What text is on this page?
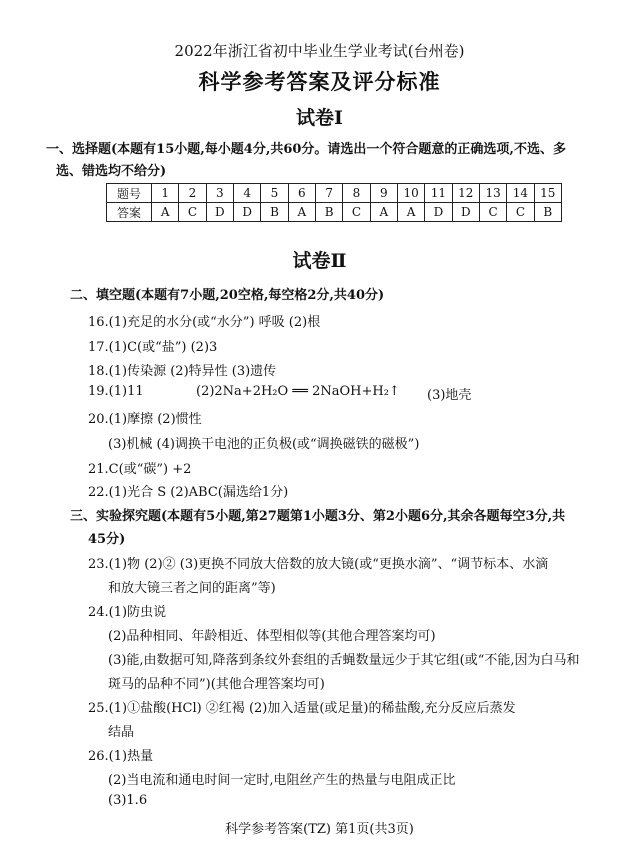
2022年浙江省初中毕业生学业考试(台州卷)
科学参考答案及评分标准
试卷Ⅰ
一、选择题(本题有15小题,每小题4分,共60分。请选出一个符合题意的正确选项,不选、多
选、错选均不给分)
题号	1	2	3	4	5	6	7	8	9	10	11	12	13	14	15
答案	A	C	D	D	B	A	B	C	A	A	D	D	C	C	B
试卷Ⅱ
二、填空题(本题有7小题,20空格,每空格2分,共40分)
16.(1)充足的水分(或“水分”) 呼吸 (2)根
17.(1)C(或“盐”) (2)3
18.(1)传染源 (2)特异性 (3)遗传
19.(1)11	(2)2Na+2H₂O ══ 2NaOH+H₂↑ (3)地壳
20.(1)摩擦 (2)惯性
(3)机械 (4)调换干电池的正负极(或“调换磁铁的磁极”)
21.C(或“碳”) +2
22.(1)光合 S (2)ABC(漏选给1分)
三、实验探究题(本题有5小题,第27题第1小题3分、第2小题6分,其余各题每空3分,共
45分)
23.(1)物 (2)② (3)更换不同放大倍数的放大镜(或“更换水滴”、“调节标本、水滴
和放大镜三者之间的距离”等)
24.(1)防虫说
(2)品种相同、年龄相近、体型相似等(其他合理答案均可)
(3)能,由数据可知,降落到条纹外套组的舌蝇数量远少于其它组(或“不能,因为白马和
斑马的品种不同”)(其他合理答案均可)
25.(1)①盐酸(HCl) ②红褐 (2)加入适量(或足量)的稀盐酸,充分反应后蒸发
结晶
26.(1)热量
(2)当电流和通电时间一定时,电阻丝产生的热量与电阻成正比
(3)1.6
科学参考答案(TZ) 第1页(共3页)
